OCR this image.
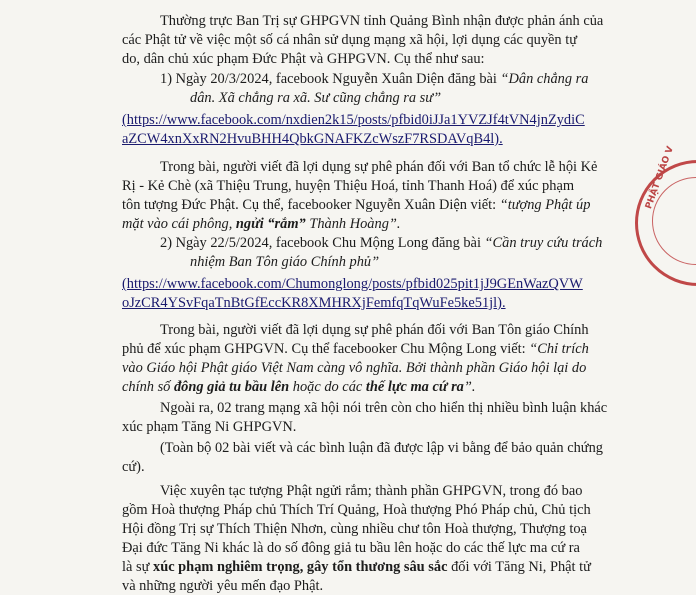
Thường trực Ban Trị sự GHPGVN tỉnh Quảng Bình nhận được phản ánh của
các Phật tử về việc một số cá nhân sử dụng mạng xã hội, lợi dụng các quyền tự
do, dân chủ xúc phạm Đức Phật và GHPGVN. Cụ thể như sau:
1) Ngày 20/3/2024, facebook Nguyễn Xuân Diện đăng bài “Dân chẳng ra
dân. Xã chẳng ra xã. Sư cũng chẳng ra sư”
(https://www.facebook.com/nxdien2k15/posts/pfbid0iJJa1YVZJf4tVN4jnZydiC
aZCW4xnXxRN2HvuBHH4QbkGNAFKZcWszF7RSDAVqB4l).
Trong bài, người viết đã lợi dụng sự phê phán đối với Ban tổ chức lễ hội Kẻ
Rị - Kẻ Chè (xã Thiệu Trung, huyện Thiệu Hoá, tỉnh Thanh Hoá) để xúc phạm
tôn tượng Đức Phật. Cụ thể, facebooker Nguyễn Xuân Diện viết: “tượng Phật úp
mặt vào cái phông, ngửi “rắm” Thành Hoàng”.
2) Ngày 22/5/2024, facebook Chu Mộng Long đăng bài “Cần truy cứu trách
nhiệm Ban Tôn giáo Chính phủ”
(https://www.facebook.com/Chumonglong/posts/pfbid025pit1jJ9GEnWazQVW
oJzCR4YSvFqaTnBtGfEccKR8XMHRXjFemfqTqWuFe5ke51jl).
Trong bài, người viết đã lợi dụng sự phê phán đối với Ban Tôn giáo Chính
phủ để xúc phạm GHPGVN. Cụ thể facebooker Chu Mộng Long viết: “Chỉ trích
vào Giáo hội Phật giáo Việt Nam càng vô nghĩa. Bởi thành phần Giáo hội lại do
chính số đông giả tu bầu lên hoặc do các thế lực ma cứ ra”.
Ngoài ra, 02 trang mạng xã hội nói trên còn cho hiển thị nhiều bình luận khác
xúc phạm Tăng Ni GHPGVN.
(Toàn bộ 02 bài viết và các bình luận đã được lập vi bằng để bảo quản chứng
cứ).
Việc xuyên tạc tượng Phật ngửi rắm; thành phần GHPGVN, trong đó bao
gồm Hoà thượng Pháp chủ Thích Trí Quảng, Hoà thượng Phó Pháp chủ, Chủ tịch
Hội đồng Trị sự Thích Thiện Nhơn, cùng nhiều chư tôn Hoà thượng, Thượng toạ
Đại đức Tăng Ni khác là do số đông giả tu bầu lên hoặc do các thế lực ma cứ ra
là sự xúc phạm nghiêm trọng, gây tổn thương sâu sắc đối với Tăng Ni, Phật tử
và những người yêu mến đạo Phật.
PHẬT GIÁO V
